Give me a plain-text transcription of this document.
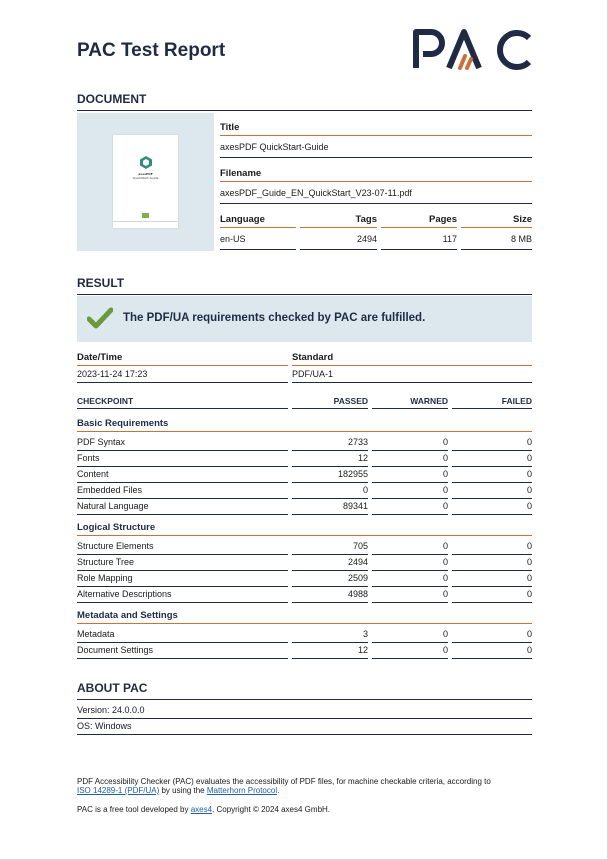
PAC Test Report
DOCUMENT
axesPDF
QuickStart-Guide
Title
axesPDF QuickStart-Guide
Filename
axesPDF_Guide_EN_QuickStart_V23-07-11.pdf
Language	Tags	Pages	Size
en-US	2494	117	8 MB
RESULT
The PDF/UA requirements checked by PAC are fulfilled.
Date/Time	Standard
2023-11-24 17:23	PDF/UA-1
CHECKPOINT	PASSED	WARNED	FAILED
Basic Requirements
PDF Syntax	2733	0	0
Fonts	12	0	0
Content	182955	0	0
Embedded Files	0	0	0
Natural Language	89341	0	0
Logical Structure
Structure Elements	705	0	0
Structure Tree	2494	0	0
Role Mapping	2509	0	0
Alternative Descriptions	4988	0	0
Metadata and Settings
Metadata	3	0	0
Document Settings	12	0	0
ABOUT PAC
Version: 24.0.0.0
OS: Windows
PDF Accessibility Checker (PAC) evaluates the accessibility of PDF files, for machine checkable criteria, according to
ISO 14289-1 (PDF/UA) by using the Matterhorn Protocol.
PAC is a free tool developed by axes4. Copyright © 2024 axes4 GmbH.
